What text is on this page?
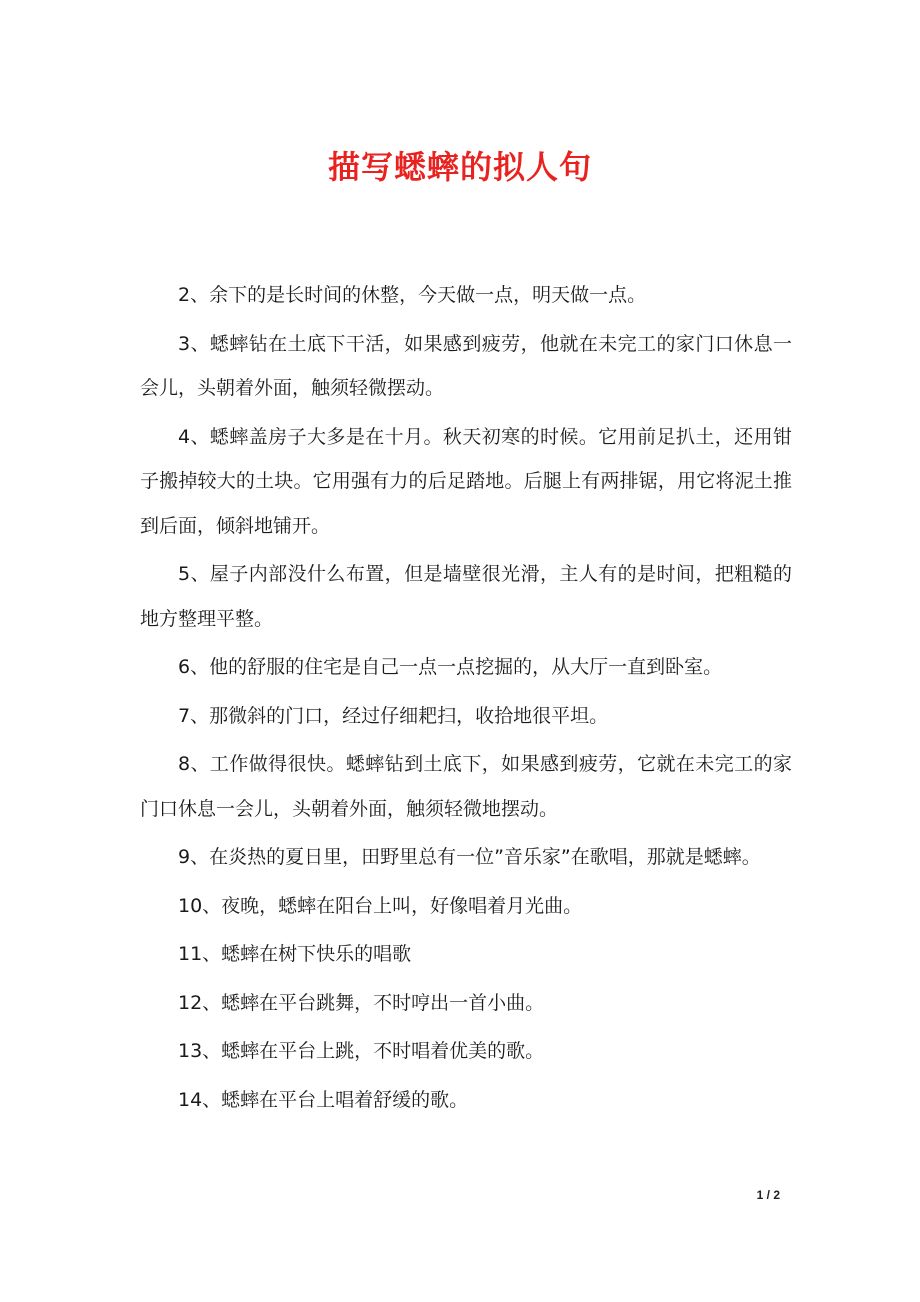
描写蟋蟀的拟人句

2、余下的是长时间的休整，今天做一点，明天做一点。

3、蟋蟀钻在土底下干活，如果感到疲劳，他就在未完工的家门口休息一会儿，头朝着外面，触须轻微摆动。

4、蟋蟀盖房子大多是在十月。秋天初寒的时候。它用前足扒土，还用钳子搬掉较大的土块。它用强有力的后足踏地。后腿上有两排锯，用它将泥土推到后面，倾斜地铺开。

5、屋子内部没什么布置，但是墙壁很光滑，主人有的是时间，把粗糙的地方整理平整。

6、他的舒服的住宅是自己一点一点挖掘的，从大厅一直到卧室。

7、那微斜的门口，经过仔细耙扫，收拾地很平坦。

8、工作做得很快。蟋蟀钻到土底下，如果感到疲劳，它就在未完工的家门口休息一会儿，头朝着外面，触须轻微地摆动。

9、在炎热的夏日里，田野里总有一位”音乐家”在歌唱，那就是蟋蟀。

10、夜晚，蟋蟀在阳台上叫，好像唱着月光曲。

11、蟋蟀在树下快乐的唱歌

12、蟋蟀在平台跳舞，不时哼出一首小曲。

13、蟋蟀在平台上跳，不时唱着优美的歌。

14、蟋蟀在平台上唱着舒缓的歌。

1 / 2
